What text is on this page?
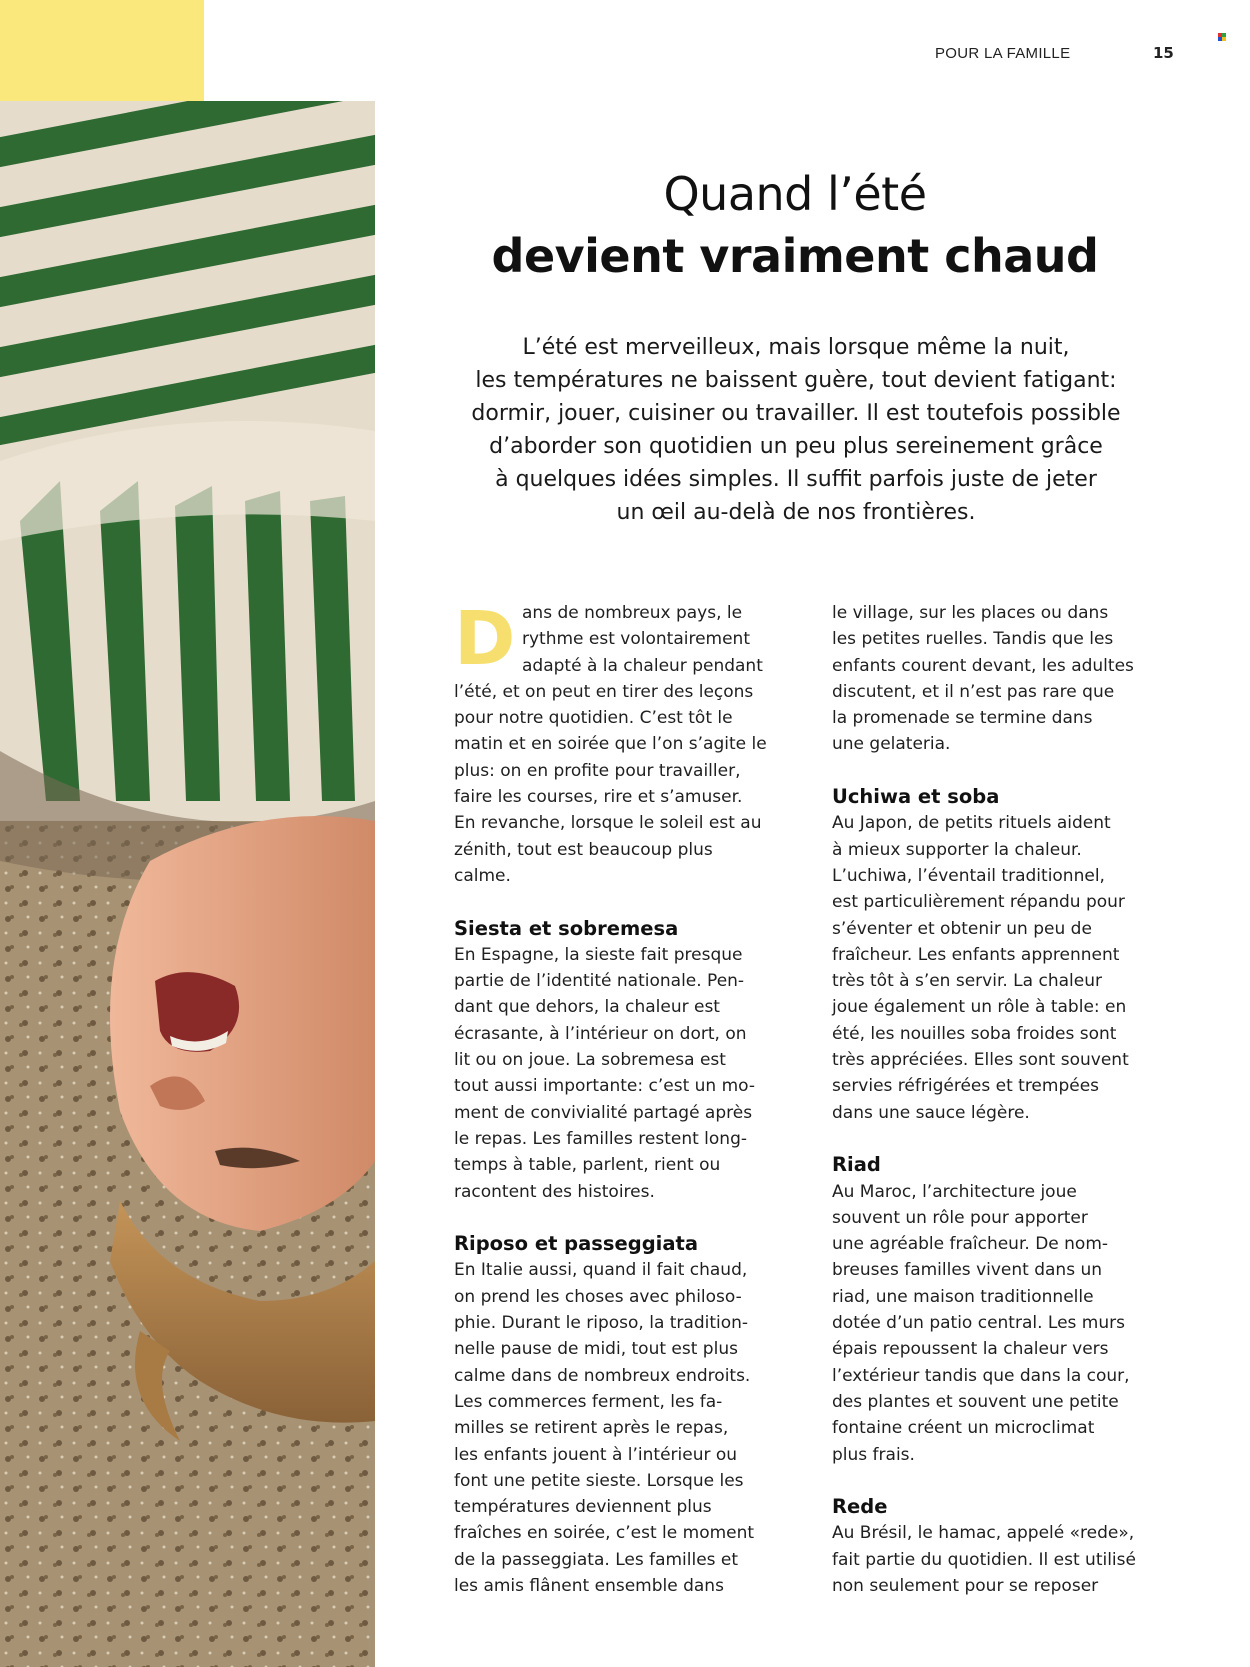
POUR LA FAMILLE	15
Quand l’été
devient vraiment chaud
L’été est merveilleux, mais lorsque même la nuit,
les températures ne baissent guère, tout devient fatigant:
dormir, jouer, cuisiner ou travailler. Il est toutefois possible
d’aborder son quotidien un peu plus sereinement grâce
à quelques idées simples. Il suffit parfois juste de jeter
un œil au-delà de nos frontières.
D ans de nombreux pays, le
rythme est volontairement
adapté à la chaleur pendant
l’été, et on peut en tirer des leçons
pour notre quotidien. C’est tôt le
matin et en soirée que l’on s’agite le
plus: on en profite pour travailler,
faire les courses, rire et s’amuser.
En revanche, lorsque le soleil est au
zénith, tout est beaucoup plus
calme.
Siesta et sobremesa
En Espagne, la sieste fait presque
partie de l’identité nationale. Pen-
dant que dehors, la chaleur est
écrasante, à l’intérieur on dort, on
lit ou on joue. La sobremesa est
tout aussi importante: c’est un mo-
ment de convivialité partagé après
le repas. Les familles restent long-
temps à table, parlent, rient ou
racontent des histoires.
Riposo et passeggiata
En Italie aussi, quand il fait chaud,
on prend les choses avec philoso-
phie. Durant le riposo, la tradition-
nelle pause de midi, tout est plus
calme dans de nombreux endroits.
Les commerces ferment, les fa-
milles se retirent après le repas,
les enfants jouent à l’intérieur ou
font une petite sieste. Lorsque les
températures deviennent plus
fraîches en soirée, c’est le moment
de la passeggiata. Les familles et
les amis flânent ensemble dans
le village, sur les places ou dans
les petites ruelles. Tandis que les
enfants courent devant, les adultes
discutent, et il n’est pas rare que
la promenade se termine dans
une gelateria.
Uchiwa et soba
Au Japon, de petits rituels aident
à mieux supporter la chaleur.
L’uchiwa, l’éventail traditionnel,
est particulièrement répandu pour
s’éventer et obtenir un peu de
fraîcheur. Les enfants apprennent
très tôt à s’en servir. La chaleur
joue également un rôle à table: en
été, les nouilles soba froides sont
très appréciées. Elles sont souvent
servies réfrigérées et trempées
dans une sauce légère.
Riad
Au Maroc, l’architecture joue
souvent un rôle pour apporter
une agréable fraîcheur. De nom-
breuses familles vivent dans un
riad, une maison traditionnelle
dotée d’un patio central. Les murs
épais repoussent la chaleur vers
l’extérieur tandis que dans la cour,
des plantes et souvent une petite
fontaine créent un microclimat
plus frais.
Rede
Au Brésil, le hamac, appelé «rede»,
fait partie du quotidien. Il est utilisé
non seulement pour se reposer
